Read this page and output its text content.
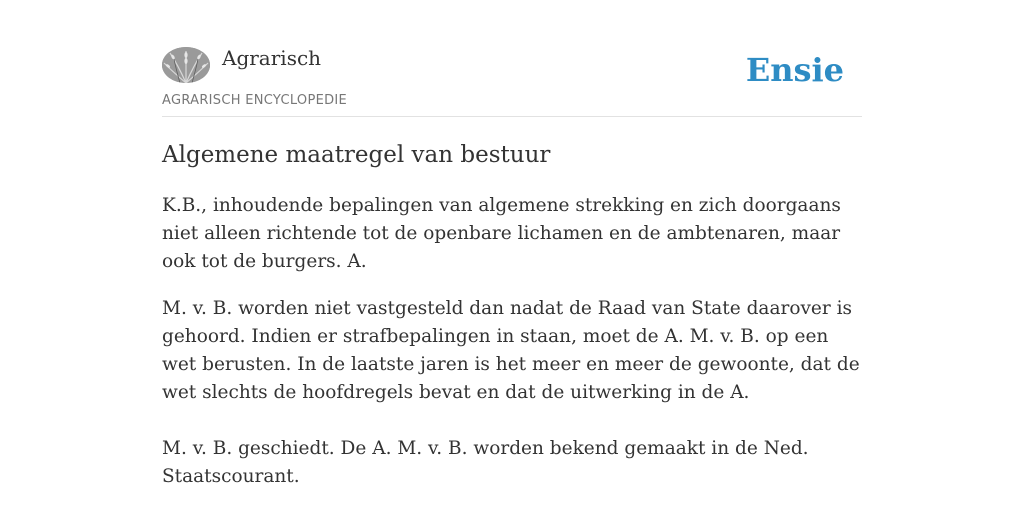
Agrarisch
AGRARISCH ENCYCLOPEDIE
Ensie
Algemene maatregel van bestuur

K.B., inhoudende bepalingen van algemene strekking en zich doorgaans niet alleen richtende tot de openbare lichamen en de ambtenaren, maar ook tot de burgers. A.

M. v. B. worden niet vastgesteld dan nadat de Raad van State daarover is gehoord. Indien er strafbepalingen in staan, moet de A. M. v. B. op een wet berusten. In de laatste jaren is het meer en meer de gewoonte, dat de wet slechts de hoofdregels bevat en dat de uitwerking in de A.

M. v. B. geschiedt. De A. M. v. B. worden bekend gemaakt in de Ned. Staatscourant.
